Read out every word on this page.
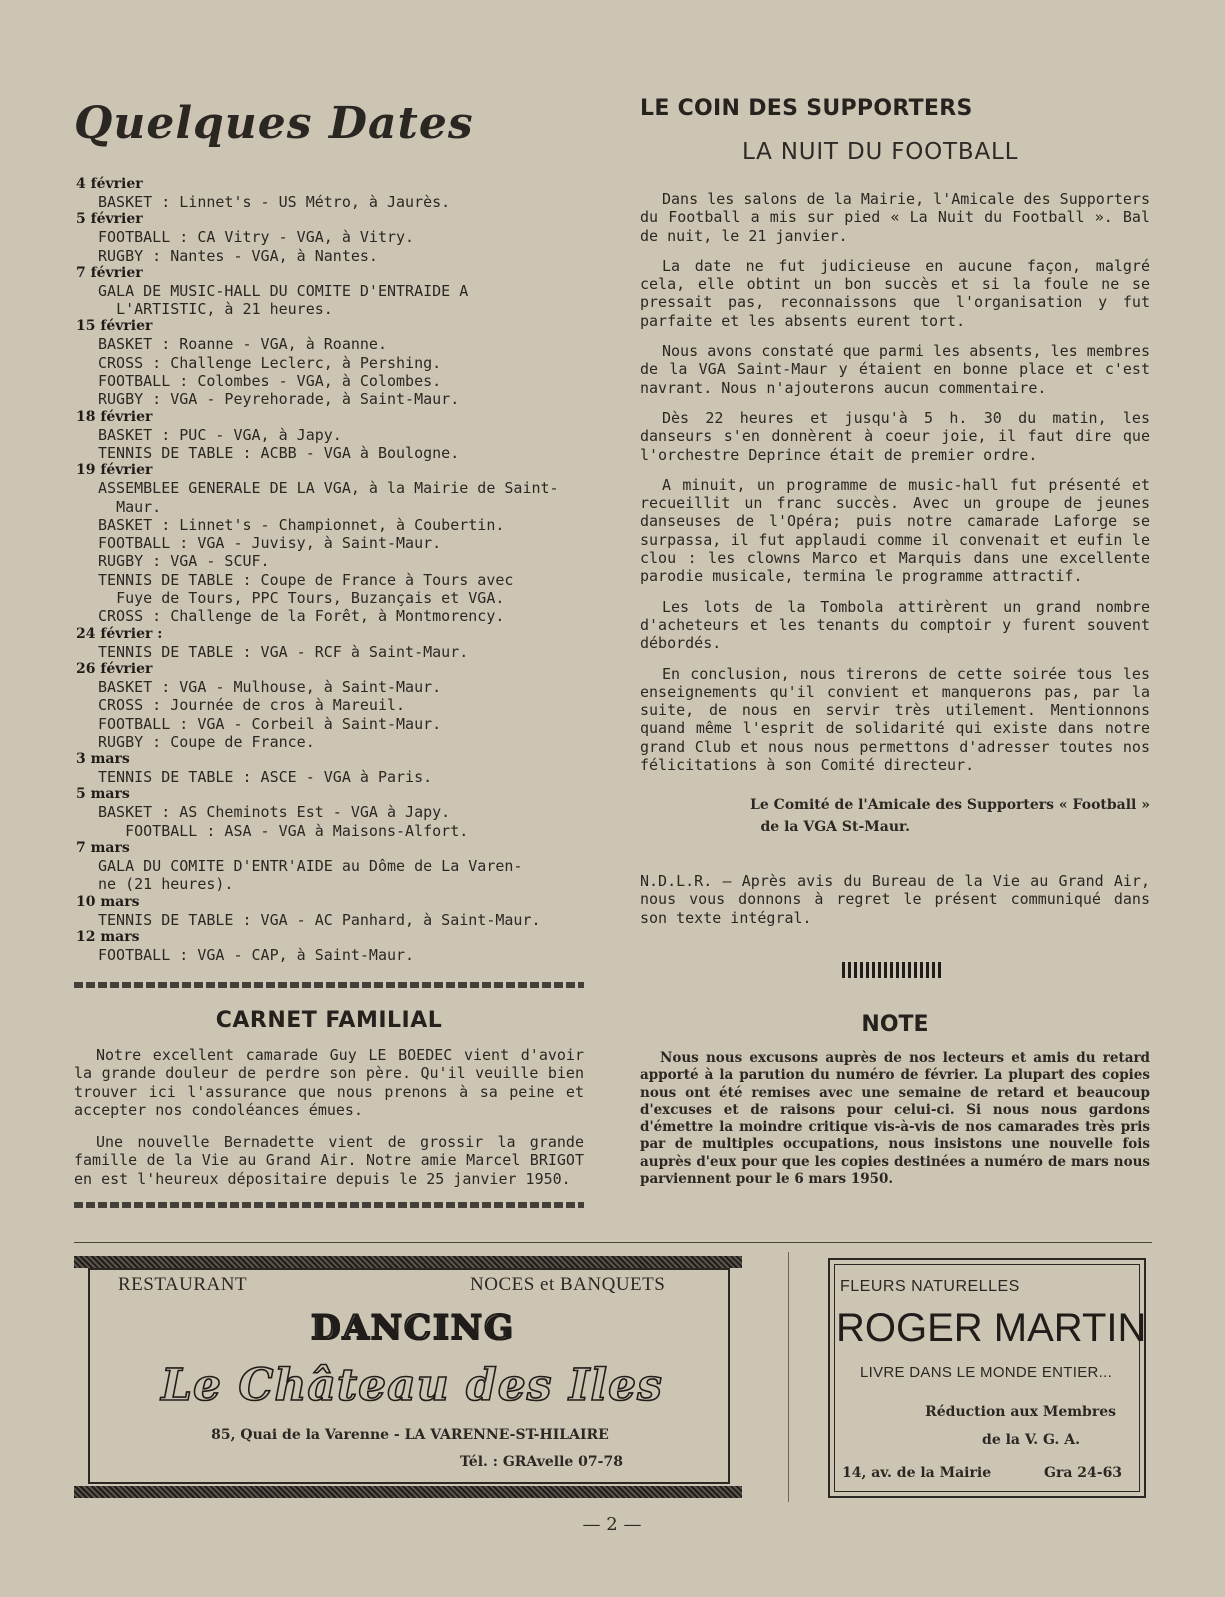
Quelques Dates
4 février
BASKET : Linnet's - US Métro, à Jaurès.
5 février
FOOTBALL : CA Vitry - VGA, à Vitry.
RUGBY : Nantes - VGA, à Nantes.
7 février
GALA DE MUSIC-HALL DU COMITE D'ENTRAIDE A
L'ARTISTIC, à 21 heures.
15 février
BASKET : Roanne - VGA, à Roanne.
CROSS : Challenge Leclerc, à Pershing.
FOOTBALL : Colombes - VGA, à Colombes.
RUGBY : VGA - Peyrehorade, à Saint-Maur.
18 février
BASKET : PUC - VGA, à Japy.
TENNIS DE TABLE : ACBB - VGA à Boulogne.
19 février
ASSEMBLEE GENERALE DE LA VGA, à la Mairie de Saint-
Maur.
BASKET : Linnet's - Championnet, à Coubertin.
FOOTBALL : VGA - Juvisy, à Saint-Maur.
RUGBY : VGA - SCUF.
TENNIS DE TABLE : Coupe de France à Tours avec
Fuye de Tours, PPC Tours, Buzançais et VGA.
CROSS : Challenge de la Forêt, à Montmorency.
24 février :
TENNIS DE TABLE : VGA - RCF à Saint-Maur.
26 février
BASKET : VGA - Mulhouse, à Saint-Maur.
CROSS : Journée de cros à Mareuil.
FOOTBALL : VGA - Corbeil à Saint-Maur.
RUGBY : Coupe de France.
3 mars
TENNIS DE TABLE : ASCE - VGA à Paris.
5 mars
BASKET : AS Cheminots Est - VGA à Japy.
FOOTBALL : ASA - VGA à Maisons-Alfort.
7 mars
GALA DU COMITE D'ENTR'AIDE au Dôme de La Varen-
ne (21 heures).
10 mars
TENNIS DE TABLE : VGA - AC Panhard, à Saint-Maur.
12 mars
FOOTBALL : VGA - CAP, à Saint-Maur.
CARNET FAMILIAL

Notre excellent camarade Guy LE BOEDEC vient d'avoir la grande douleur de perdre son père. Qu'il veuille bien trouver ici l'assurance que nous prenons à sa peine et accepter nos condoléances émues.

Une nouvelle Bernadette vient de grossir la grande famille de la Vie au Grand Air. Notre amie Marcel BRIGOT en est l'heureux dépositaire depuis le 25 janvier 1950.

LE COIN DES SUPPORTERS
LA NUIT DU FOOTBALL

Dans les salons de la Mairie, l'Amicale des Supporters du Football a mis sur pied « La Nuit du Football ». Bal de nuit, le 21 janvier.

La date ne fut judicieuse en aucune façon, malgré cela, elle obtint un bon succès et si la foule ne se pressait pas, reconnaissons que l'organisation y fut parfaite et les absents eurent tort.

Nous avons constaté que parmi les absents, les membres de la VGA Saint-Maur y étaient en bonne place et c'est navrant. Nous n'ajouterons aucun commentaire.

Dès 22 heures et jusqu'à 5 h. 30 du matin, les danseurs s'en donnèrent à coeur joie, il faut dire que l'orchestre Deprince était de premier ordre.

A minuit, un programme de music-hall fut présenté et recueillit un franc succès. Avec un groupe de jeunes danseuses de l'Opéra; puis notre camarade Laforge se surpassa, il fut applaudi comme il convenait et eufin le clou : les clowns Marco et Marquis dans une excellente parodie musicale, termina le programme attractif.

Les lots de la Tombola attirèrent un grand nombre d'acheteurs et les tenants du comptoir y furent souvent débordés.

En conclusion, nous tirerons de cette soirée tous les enseignements qu'il convient et manquerons pas, par la suite, de nous en servir très utilement. Mentionnons quand même l'esprit de solidarité qui existe dans notre grand Club et nous nous permettons d'adresser toutes nos félicitations à son Comité directeur.

Le Comité de l'Amicale des Supporters « Football »
de la VGA St-Maur.

N.D.L.R. — Après avis du Bureau de la Vie au Grand Air, nous vous donnons à regret le présent communiqué dans son texte intégral.

NOTE
Nous nous excusons auprès de nos lecteurs et amis du retard apporté à la parution du numéro de février. La plupart des copies nous ont été remises avec une semaine de retard et beaucoup d'excuses et de raisons pour celui-ci. Si nous nous gardons d'émettre la moindre critique vis-à-vis de nos camarades très pris par de multiples occupations, nous insistons une nouvelle fois auprès d'eux pour que les copies destinées a numéro de mars nous parviennent pour le 6 mars 1950.
RESTAURANT	NOCES et BANQUETS
DANCING
Le Château des Iles
85, Quai de la Varenne - LA VARENNE-ST-HILAIRE
Tél. : GRAvelle 07-78
FLEURS NATURELLES
ROGER MARTIN
LIVRE DANS LE MONDE ENTIER...
Réduction aux Membres
de la V. G. A.
14, av. de la Mairie	Gra 24-63
— 2 —
